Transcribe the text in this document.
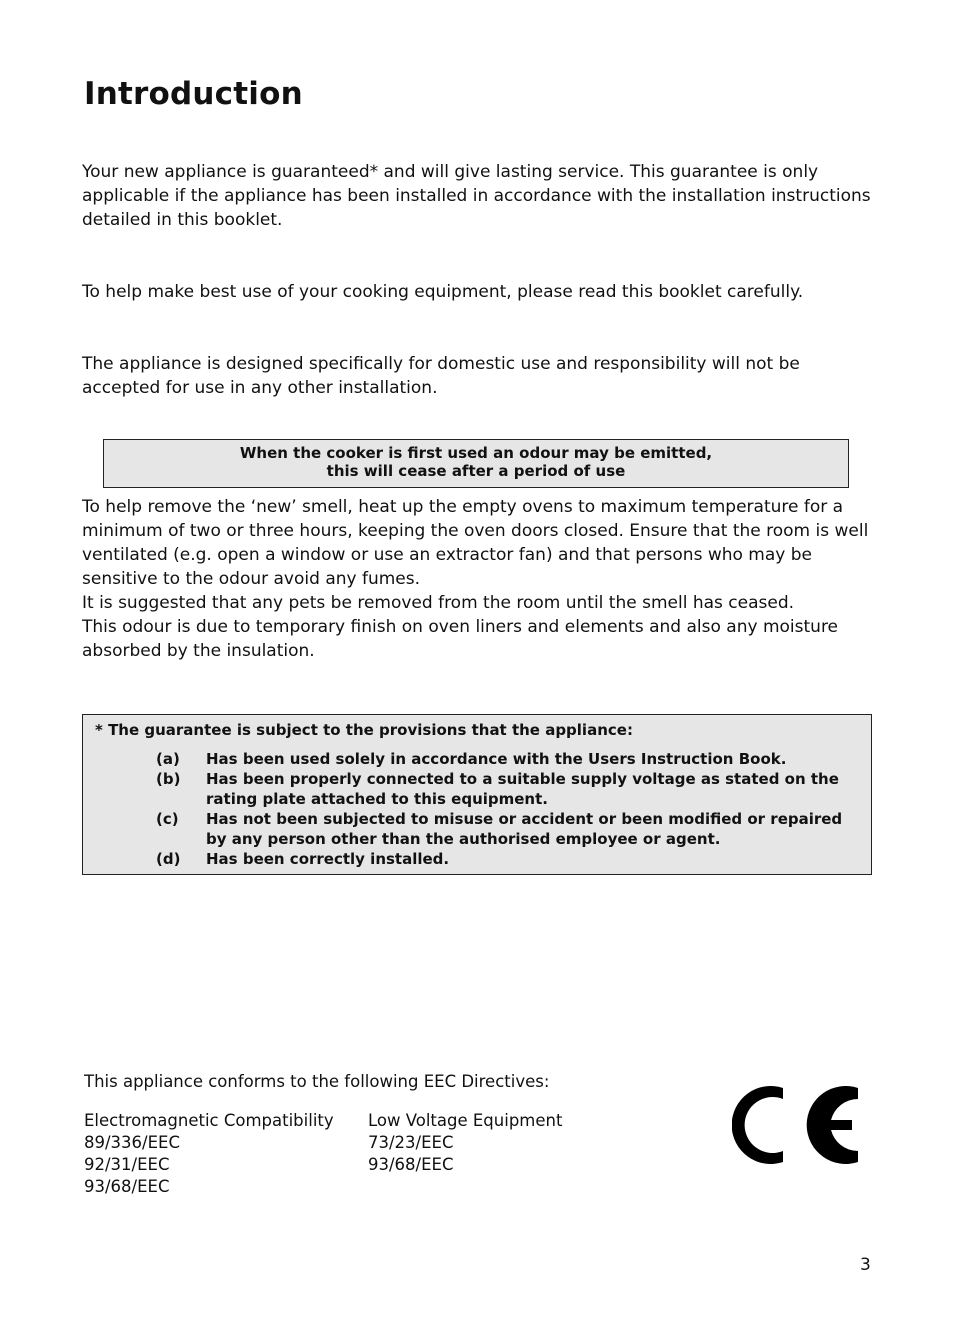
Introduction

Your new appliance is guaranteed* and will give lasting service. This guarantee is only applicable if the appliance has been installed in accordance with the installation instructions detailed in this booklet.

To help make best use of your cooking equipment, please read this booklet carefully.

The appliance is designed specifically for domestic use and responsibility will not be accepted for use in any other installation.

When the cooker is first used an odour may be emitted,
this will cease after a period of use

To help remove the ‘new’ smell, heat up the empty ovens to maximum temperature for a minimum of two or three hours, keeping the oven doors closed. Ensure that the room is well ventilated (e.g. open a window or use an extractor fan) and that persons who may be sensitive to the odour avoid any fumes.

It is suggested that any pets be removed from the room until the smell has ceased.

This odour is due to temporary finish on oven liners and elements and also any moisture absorbed by the insulation.

* The guarantee is subject to the provisions that the appliance:
(a) Has been used solely in accordance with the Users Instruction Book.
(b) Has been properly connected to a suitable supply voltage as stated on the rating plate attached to this equipment.
(c) Has not been subjected to misuse or accident or been modified or repaired by any person other than the authorised employee or agent.
(d) Has been correctly installed.
This appliance conforms to the following EEC Directives:
Electromagnetic Compatibility
89/336/EEC
92/31/EEC
93/68/EEC
Low Voltage Equipment
73/23/EEC
93/68/EEC
3
